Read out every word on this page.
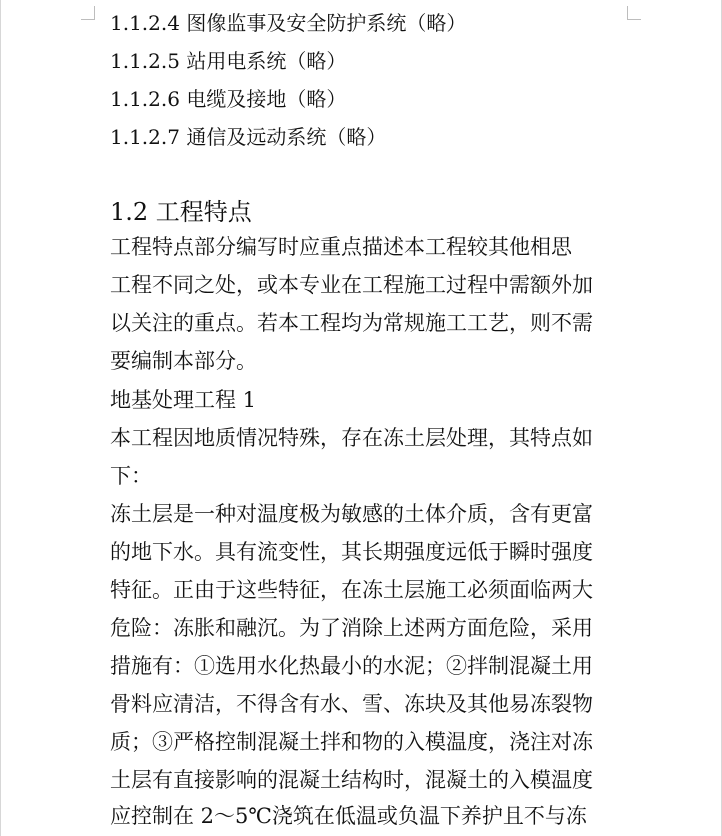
1.1.2.4 图像监事及安全防护系统（略）
1.1.2.5 站用电系统（略）
1.1.2.6 电缆及接地（略）
1.1.2.7 通信及远动系统（略）
1.2 工程特点
工程特点部分编写时应重点描述本工程较其他相思
工程不同之处，或本专业在工程施工过程中需额外加
以关注的重点。若本工程均为常规施工工艺，则不需
要编制本部分。
地基处理工程 1
本工程因地质情况特殊，存在冻土层处理，其特点如
下：
冻土层是一种对温度极为敏感的土体介质，含有更富
的地下水。具有流变性，其长期强度远低于瞬时强度
特征。正由于这些特征，在冻土层施工必须面临两大
危险：冻胀和融沉。为了消除上述两方面危险，采用
措施有：①选用水化热最小的水泥；②拌制混凝土用
骨料应清洁，不得含有水、雪、冻块及其他易冻裂物
质；③严格控制混凝土拌和物的入模温度，浇注对冻
土层有直接影响的混凝土结构时，混凝土的入模温度
应控制在 2～5℃浇筑在低温或负温下养护且不与冻
